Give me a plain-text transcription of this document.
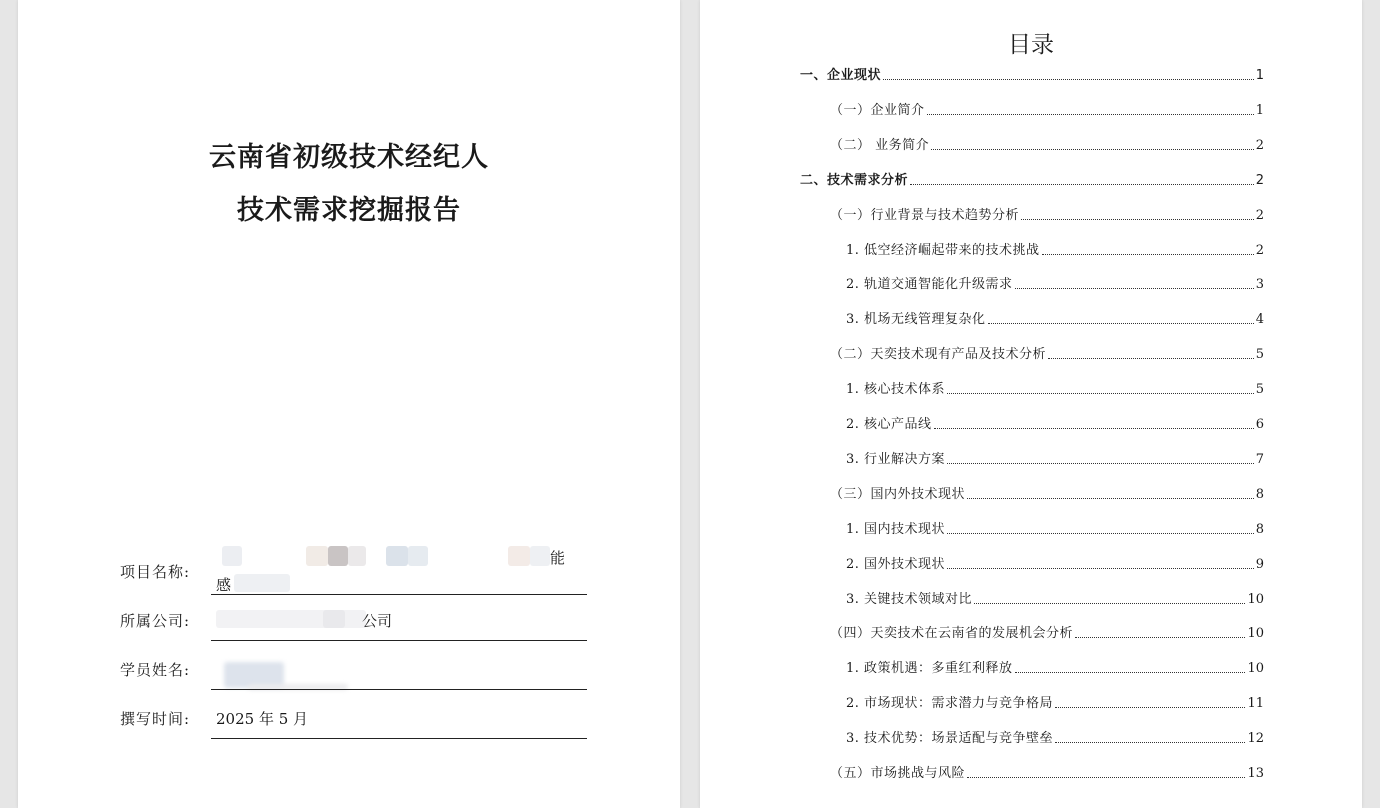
云南省初级技术经纪人
技术需求挖掘报告
项目名称:
能
感
所属公司:	公司
学员姓名:
撰写时间: 2025 年 5 月
目录
一、企业现状	1
（一）企业简介	1
（二） 业务简介	2
二、技术需求分析	2
（一）行业背景与技术趋势分析	2
1. 低空经济崛起带来的技术挑战	2
2. 轨道交通智能化升级需求	3
3. 机场无线管理复杂化	4
（二）天奕技术现有产品及技术分析	5
1. 核心技术体系	5
2. 核心产品线	6
3. 行业解决方案	7
（三）国内外技术现状	8
1. 国内技术现状	8
2. 国外技术现状	9
3. 关键技术领域对比	10
（四）天奕技术在云南省的发展机会分析	10
1. 政策机遇：多重红利释放	10
2. 市场现状：需求潜力与竞争格局	11
3. 技术优势：场景适配与竞争壁垒	12
（五）市场挑战与风险	13
